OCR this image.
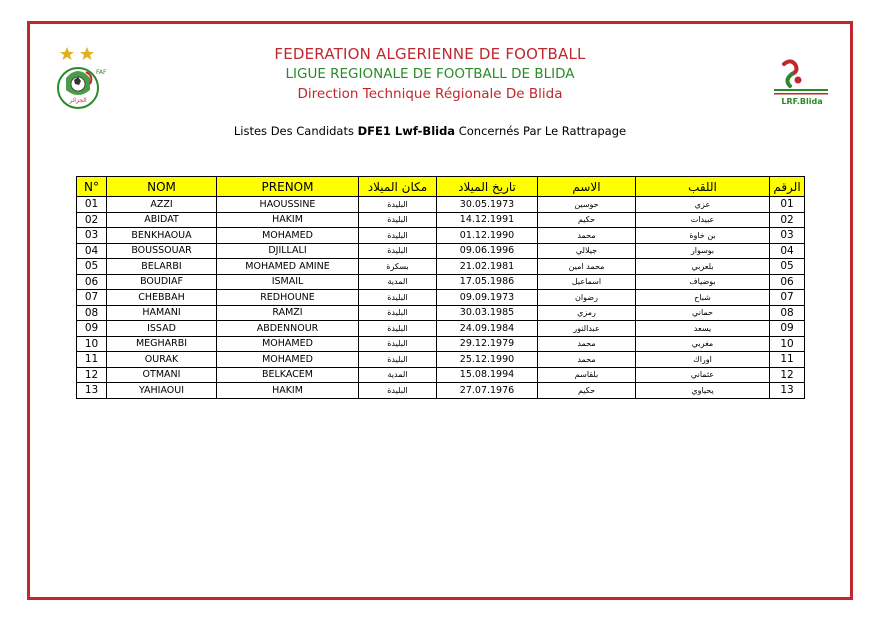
FAF
الجزائر	LRF.Blida
FEDERATION ALGERIENNE DE FOOTBALL
LIGUE REGIONALE DE FOOTBALL DE BLIDA
Direction Technique Régionale De Blida
Listes Des Candidats DFE1 Lwf-Blida Concernés Par Le Rattrapage
N°	NOM	PRENOM	مكان الميلاد	تاريخ الميلاد	الاسم	اللقب	الرقم
01	AZZI	HAOUSSINE	البليدة	30.05.1973	حوسين	عزي	01
02	ABIDAT	HAKIM	البليدة	14.12.1991	حكيم	عبيدات	02
03	BENKHAOUA	MOHAMED	البليدة	01.12.1990	محمد	بن خاوة	03
04	BOUSSOUAR	DJILLALI	البليدة	09.06.1996	جيلالي	بوسوار	04
05	BELARBI	MOHAMED AMINE	بسكرة	21.02.1981	محمد امين	بلعربي	05
06	BOUDIAF	ISMAIL	المدية	17.05.1986	اسماعيل	بوضياف	06
07	CHEBBAH	REDHOUNE	البليدة	09.09.1973	رضوان	شباح	07
08	HAMANI	RAMZI	البليدة	30.03.1985	رمزي	حماني	08
09	ISSAD	ABDENNOUR	البليدة	24.09.1984	عبدالنور	يسعد	09
10	MEGHARBI	MOHAMED	البليدة	29.12.1979	محمد	مغربي	10
11	OURAK	MOHAMED	البليدة	25.12.1990	محمد	اوراك	11
12	OTMANI	BELKACEM	المدية	15.08.1994	بلقاسم	عثماني	12
13	YAHIAOUI	HAKIM	البليدة	27.07.1976	حكيم	يحياوي	13
